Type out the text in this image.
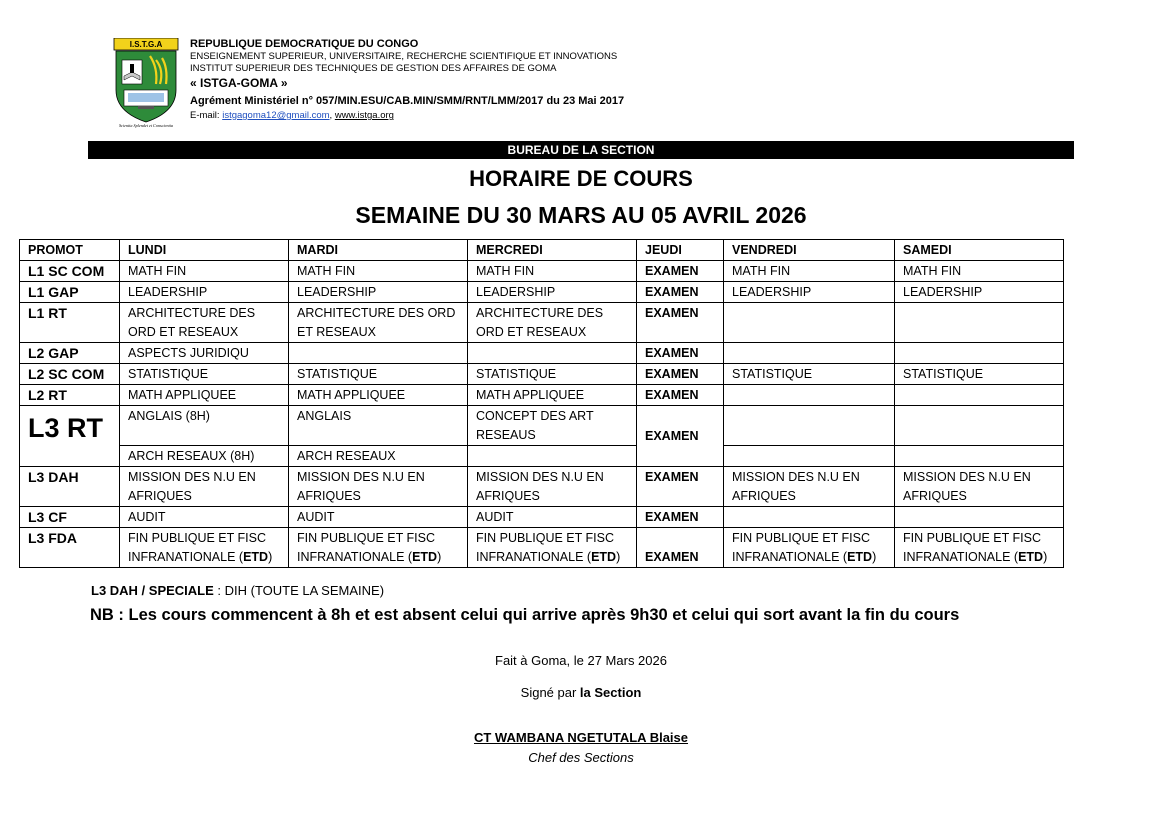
I.S.T.G.A
Scientia Splendet et Conscientia
REPUBLIQUE DEMOCRATIQUE DU CONGO
ENSEIGNEMENT SUPERIEUR, UNIVERSITAIRE, RECHERCHE SCIENTIFIQUE ET INNOVATIONS
INSTITUT SUPERIEUR DES TECHNIQUES DE GESTION DES AFFAIRES DE GOMA
« ISTGA-GOMA »
Agrément Ministériel n° 057/MIN.ESU/CAB.MIN/SMM/RNT/LMM/2017 du 23 Mai 2017
E-mail: istgagoma12@gmail.com, www.istga.org
BUREAU DE LA SECTION
HORAIRE DE COURS
SEMAINE DU 30 MARS AU 05 AVRIL 2026
PROMOT	LUNDI	MARDI	MERCREDI	JEUDI	VENDREDI	SAMEDI
L1 SC COM	MATH FIN	MATH FIN	MATH FIN	EXAMEN	MATH FIN	MATH FIN
L1 GAP	LEADERSHIP	LEADERSHIP	LEADERSHIP	EXAMEN	LEADERSHIP	LEADERSHIP
L1 RT	ARCHITECTURE DES ORD ET RESEAUX	ARCHITECTURE DES ORD ET RESEAUX	ARCHITECTURE DES ORD ET RESEAUX	EXAMEN		
L2 GAP	ASPECTS JURIDIQU			EXAMEN		
L2 SC COM	STATISTIQUE	STATISTIQUE	STATISTIQUE	EXAMEN	STATISTIQUE	STATISTIQUE
L2 RT	MATH APPLIQUEE	MATH APPLIQUEE	MATH APPLIQUEE	EXAMEN		
L3 RT	ANGLAIS (8H)	ANGLAIS	CONCEPT DES ART RESEAUS	EXAMEN		
	ARCH RESEAUX (8H)	ARCH RESEAUX				
L3 DAH	MISSION DES N.U EN AFRIQUES	MISSION DES N.U EN AFRIQUES	MISSION DES N.U EN AFRIQUES	EXAMEN	MISSION DES N.U EN AFRIQUES	MISSION DES N.U EN AFRIQUES
L3 CF	AUDIT	AUDIT	AUDIT	EXAMEN		
L3 FDA	FIN PUBLIQUE ET FISC INFRANATIONALE (ETD)	FIN PUBLIQUE ET FISC INFRANATIONALE (ETD)	FIN PUBLIQUE ET FISC INFRANATIONALE (ETD)	EXAMEN	FIN PUBLIQUE ET FISC INFRANATIONALE (ETD)	FIN PUBLIQUE ET FISC INFRANATIONALE (ETD)
L3 DAH / SPECIALE : DIH (TOUTE LA SEMAINE)
NB : Les cours commencent à 8h et est absent celui qui arrive après 9h30 et celui qui sort avant la fin du cours
Fait à Goma, le 27 Mars 2026
Signé par la Section
CT WAMBANA NGETUTALA Blaise
Chef des Sections
